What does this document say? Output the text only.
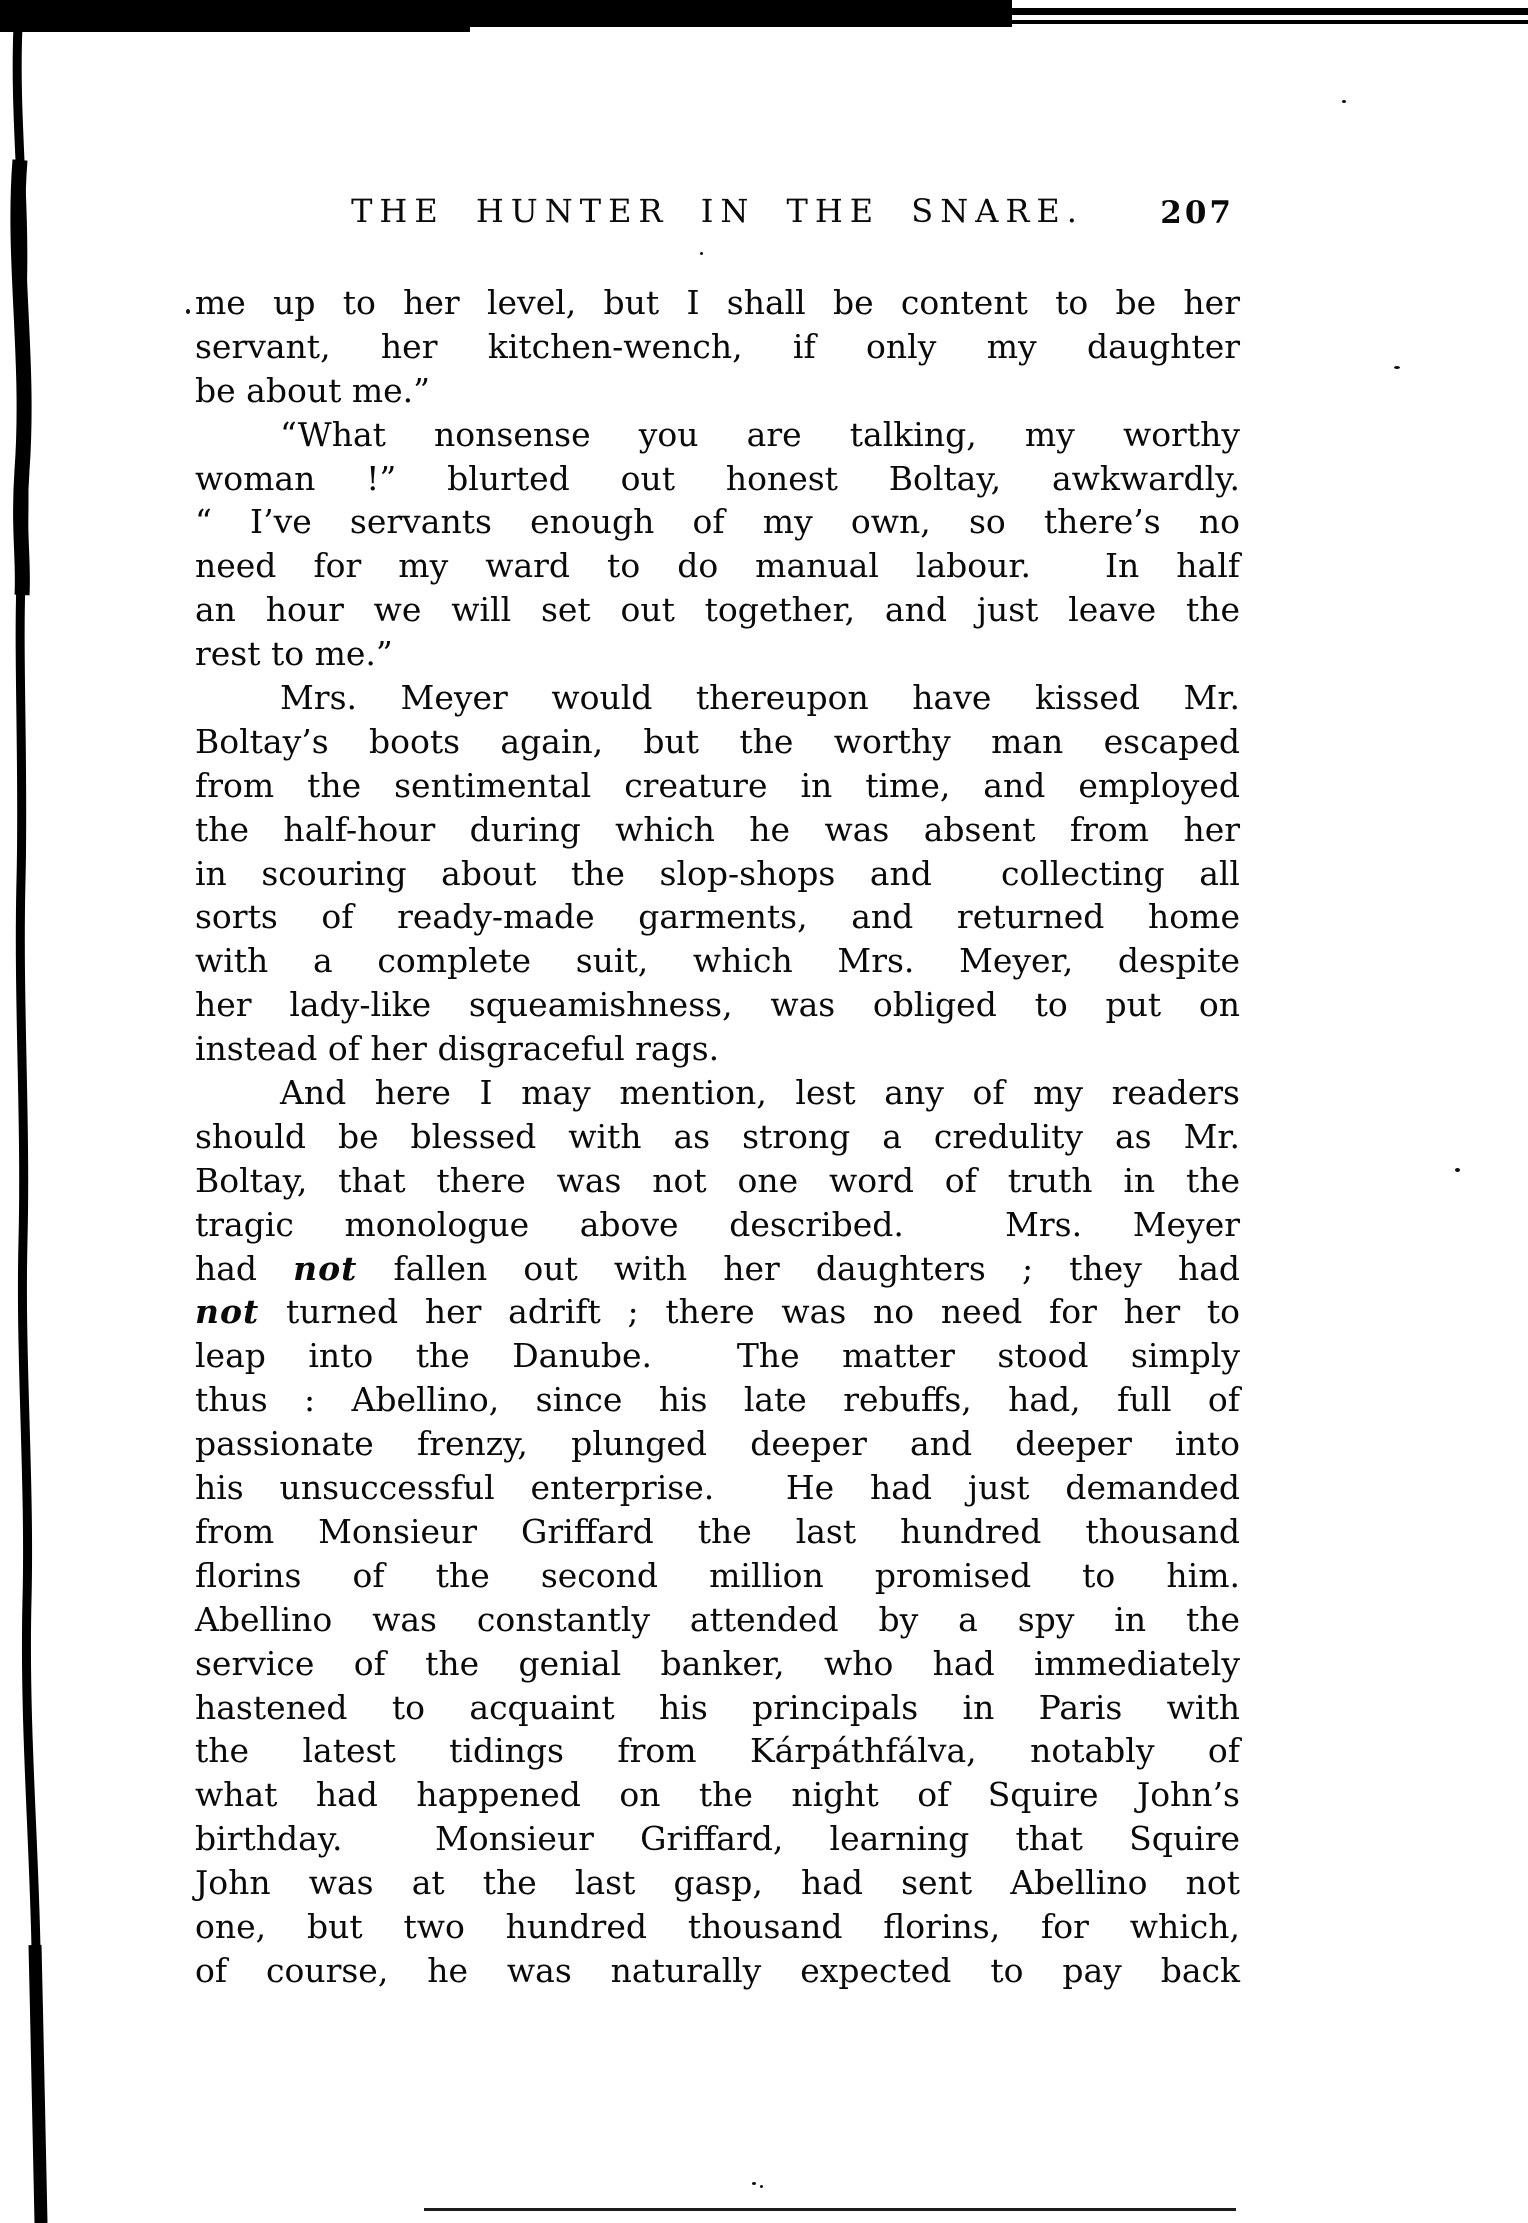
THE HUNTER IN THE SNARE.	207
me up to her level, but I shall be content to be her
servant, her kitchen-wench, if only my daughter
be about me.”
“What nonsense you are talking, my worthy
woman !” blurted out honest Boltay, awkwardly.
“ I’ve servants enough of my own, so there’s no
need for my ward to do manual labour.  In half
an hour we will set out together, and just leave the
rest to me.”
Mrs. Meyer would thereupon have kissed Mr.
Boltay’s boots again, but the worthy man escaped
from the sentimental creature in time, and employed
the half-hour during which he was absent from her
in scouring about the slop-shops and  collecting all
sorts of ready-made garments, and returned home
with a complete suit, which Mrs. Meyer, despite
her lady-like squeamishness, was obliged to put on
instead of her disgraceful rags.
And here I may mention, lest any of my readers
should be blessed with as strong a credulity as Mr.
Boltay, that there was not one word of truth in the
tragic monologue above described.  Mrs. Meyer
had not fallen out with her daughters ; they had
not turned her adrift ; there was no need for her to
leap into the Danube.  The matter stood simply
thus : Abellino, since his late rebuffs, had, full of
passionate frenzy, plunged deeper and deeper into
his unsuccessful enterprise.  He had just demanded
from Monsieur Griffard the last hundred thousand
florins of the second million promised to him.
Abellino was constantly attended by a spy in the
service of the genial banker, who had immediately
hastened to acquaint his principals in Paris with
the latest tidings from Kárpáthfálva, notably of
what had happened on the night of Squire John’s
birthday.  Monsieur Griffard, learning that Squire
John was at the last gasp, had sent Abellino not
one, but two hundred thousand florins, for which,
of course, he was naturally expected to pay back
